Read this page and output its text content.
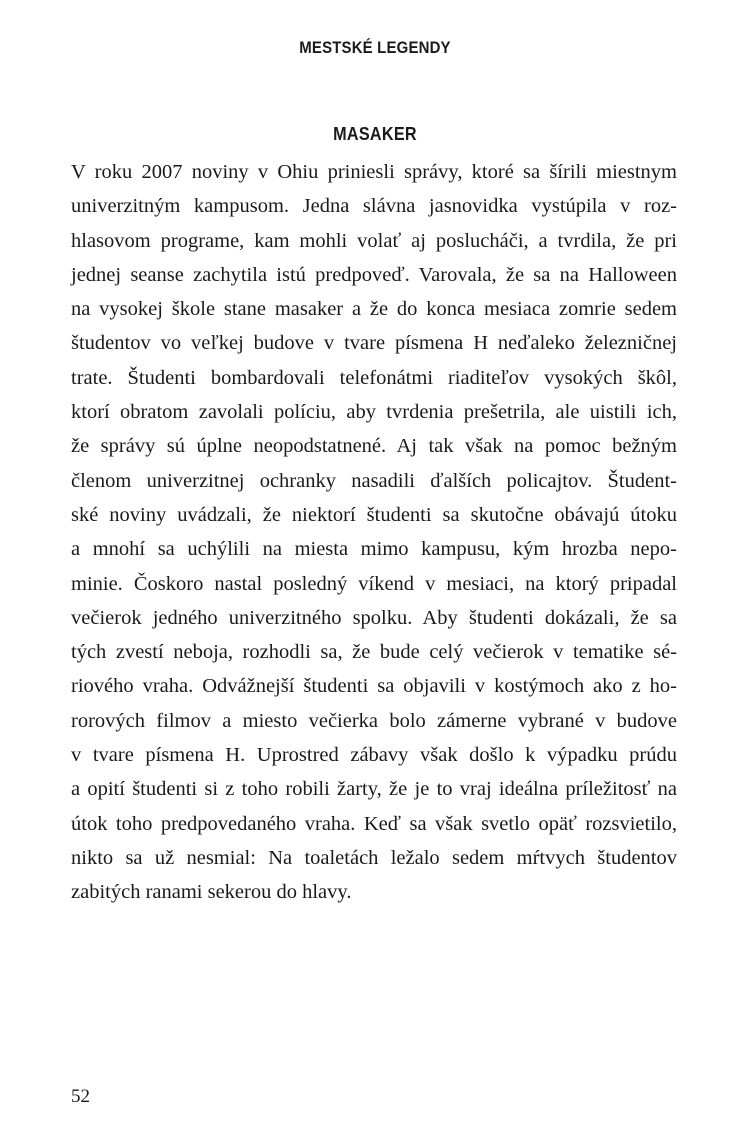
MESTSKÉ LEGENDY
MASAKER
V roku 2007 noviny v Ohiu priniesli správy, ktoré sa šírili miestnym
univerzitným kampusom. Jedna slávna jasnovidka vystúpila v roz-
hlasovom programe, kam mohli volať aj poslucháči, a tvrdila, že pri
jednej seanse zachytila istú predpoveď. Varovala, že sa na Halloween
na vysokej škole stane masaker a že do konca mesiaca zomrie sedem
študentov vo veľkej budove v tvare písmena H neďaleko železničnej
trate. Študenti bombardovali telefonátmi riaditeľov vysokých škôl,
ktorí obratom zavolali políciu, aby tvrdenia prešetrila, ale uistili ich,
že správy sú úplne neopodstatnené. Aj tak však na pomoc bežným
členom univerzitnej ochranky nasadili ďalších policajtov. Študent-
ské noviny uvádzali, že niektorí študenti sa skutočne obávajú útoku
a mnohí sa uchýlili na miesta mimo kampusu, kým hrozba nepo-
minie. Čoskoro nastal posledný víkend v mesiaci, na ktorý pripadal
večierok jedného univerzitného spolku. Aby študenti dokázali, že sa
tých zvestí neboja, rozhodli sa, že bude celý večierok v tematike sé-
riového vraha. Odvážnejší študenti sa objavili v kostýmoch ako z ho-
rorových filmov a miesto večierka bolo zámerne vybrané v budove
v tvare písmena H. Uprostred zábavy však došlo k výpadku prúdu
a opití študenti si z toho robili žarty, že je to vraj ideálna príležitosť na
útok toho predpovedaného vraha. Keď sa však svetlo opäť rozsvietilo,
nikto sa už nesmial: Na toaletách ležalo sedem mŕtvych študentov
zabitých ranami sekerou do hlavy.
52
